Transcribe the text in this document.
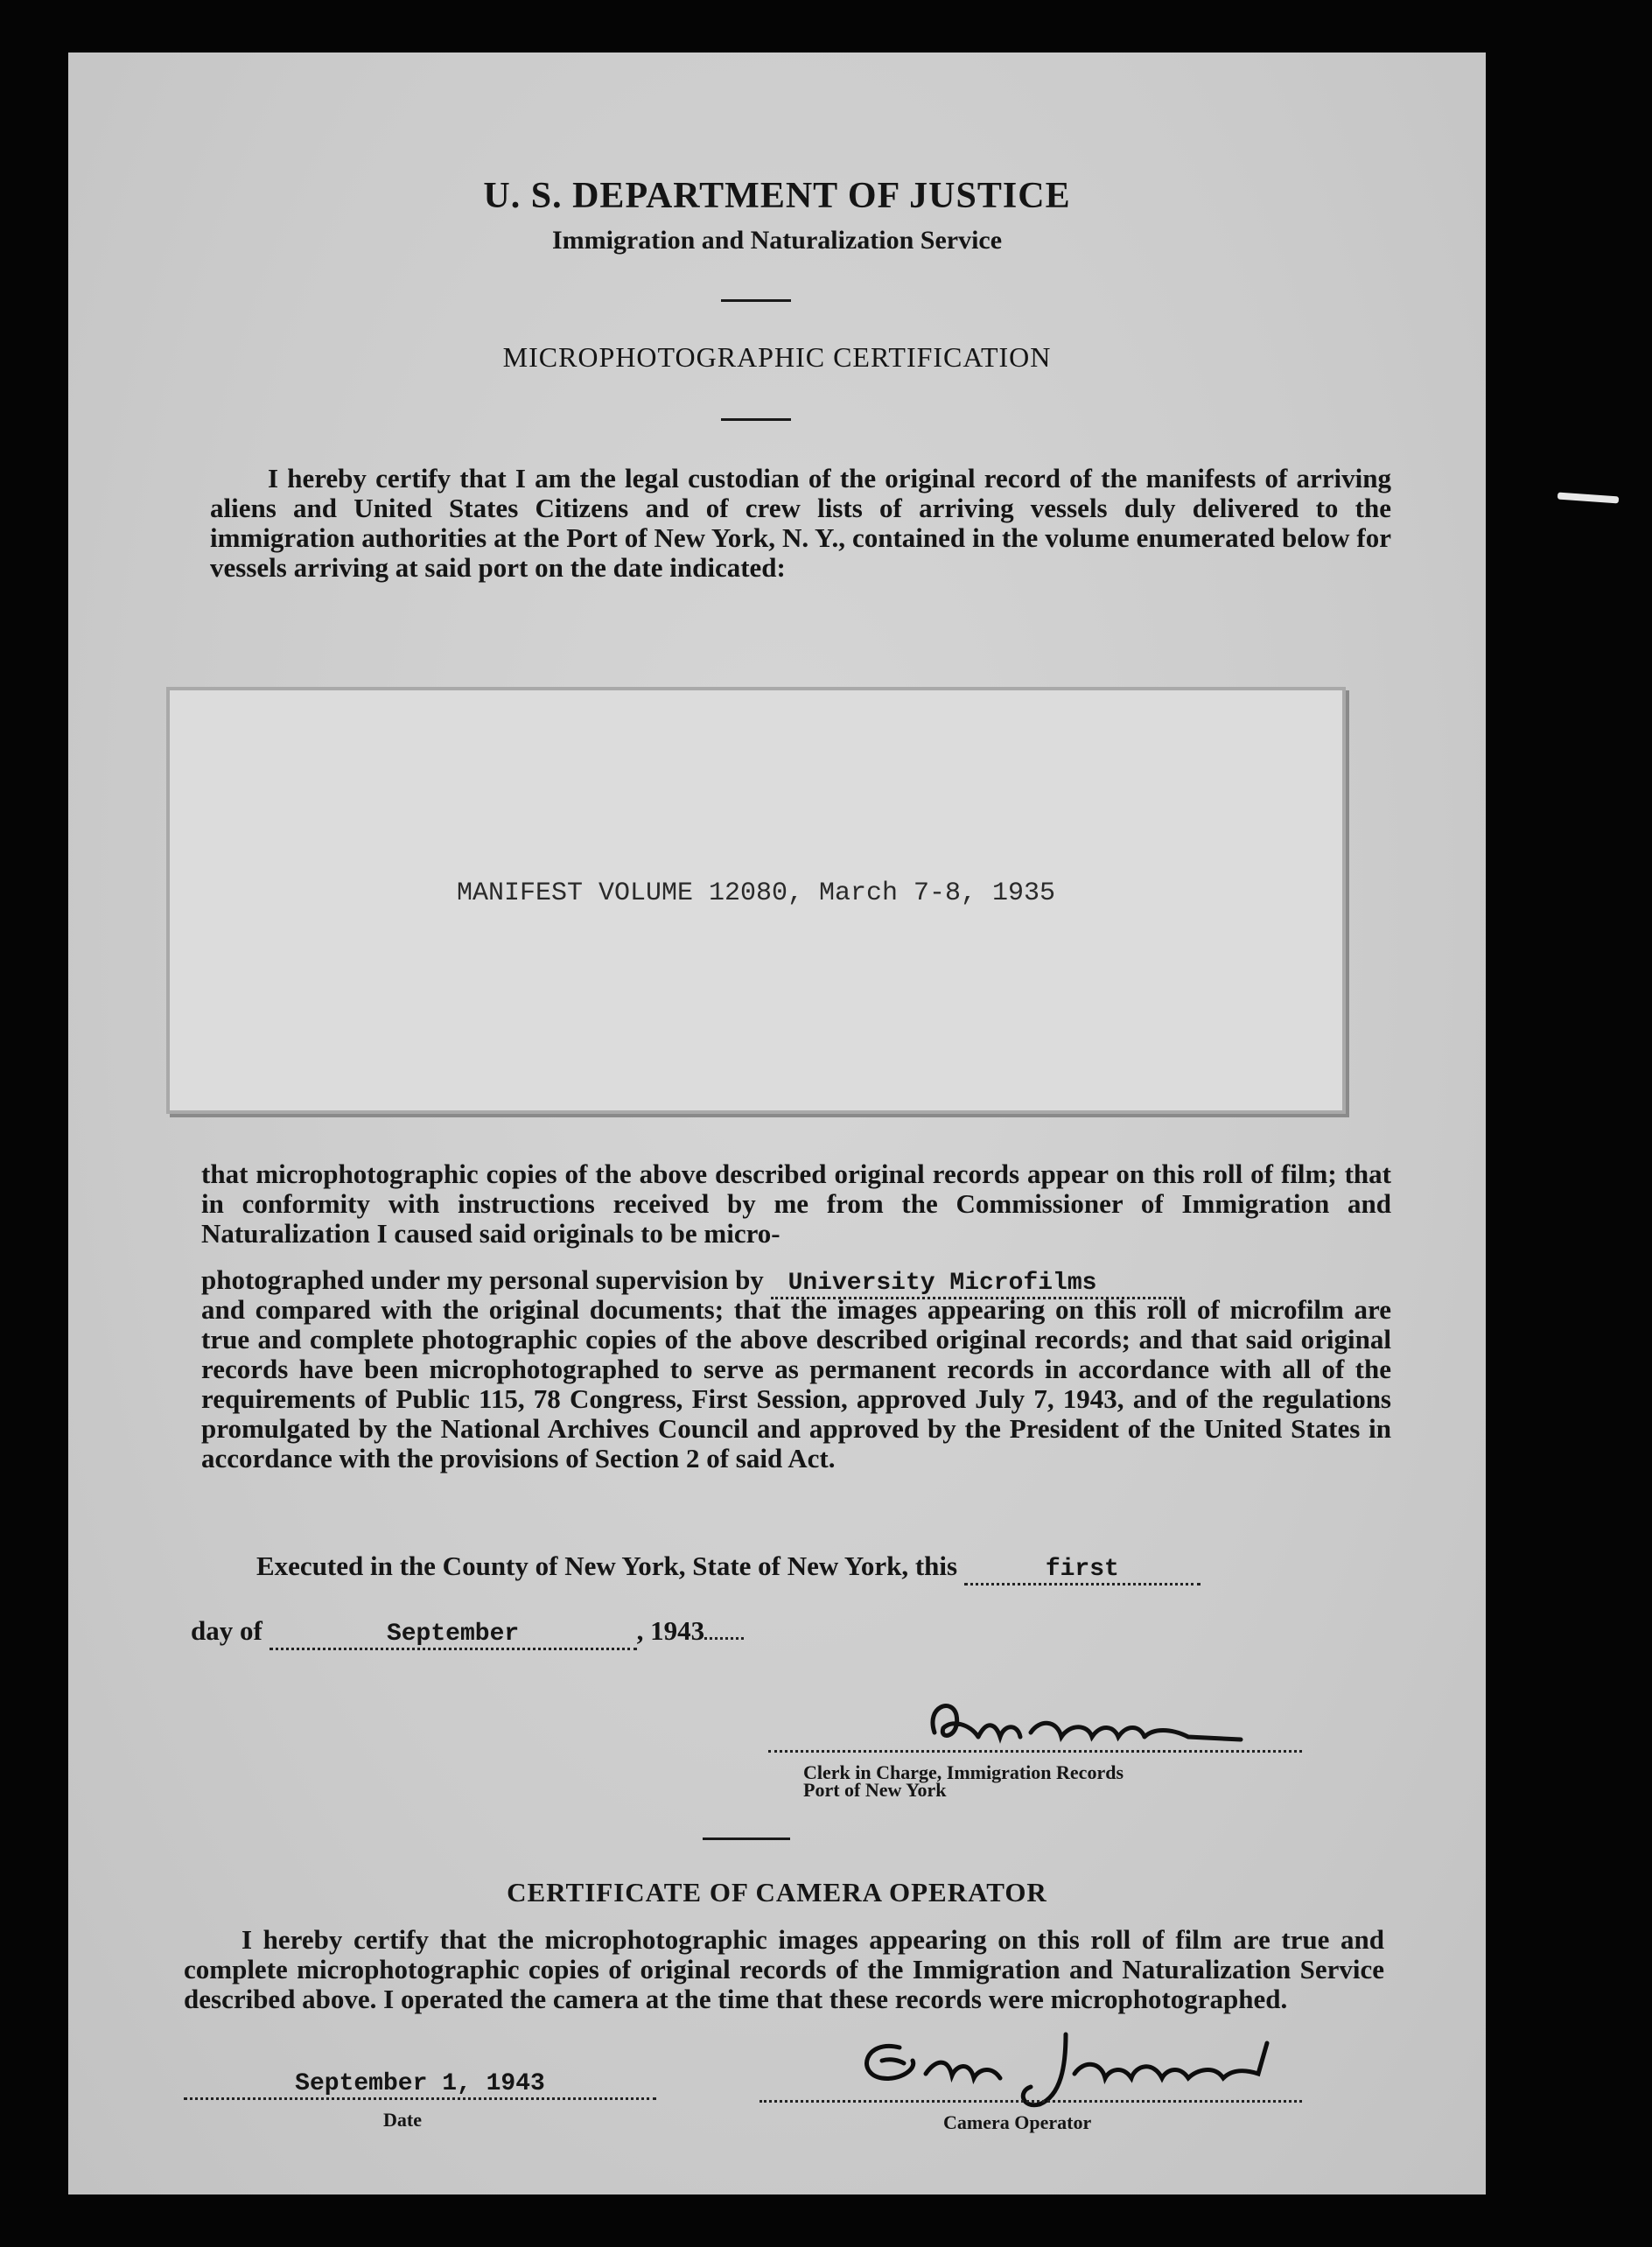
U. S. DEPARTMENT OF JUSTICE
Immigration and Naturalization Service
MICROPHOTOGRAPHIC CERTIFICATION
I hereby certify that I am the legal custodian of the original record of the manifests of arriving aliens and United States Citizens and of crew lists of arriving vessels duly delivered to the immigration authorities at the Port of New York, N. Y., contained in the volume enumerated below for vessels arriving at said port on the date indicated:
MANIFEST VOLUME 12080, March 7-8, 1935
that microphotographic copies of the above described original records appear on this roll of film; that in conformity with instructions received by me from the Commissioner of Immigration and Naturalization I caused said originals to be micro-
photographed under my personal supervision by University Microfilms
and compared with the original documents; that the images appearing on this roll of microfilm are true and complete photographic copies of the above described original records; and that said original records have been microphotographed to serve as permanent records in accordance with all of the requirements of Public 115, 78 Congress, First Session, approved July 7, 1943, and of the regulations promulgated by the National Archives Council and approved by the President of the United States in accordance with the provisions of Section 2 of said Act.
Executed in the County of New York, State of New York, this	first
day of	September	, 1943
Clerk in Charge, Immigration Records
Port of New York
CERTIFICATE OF CAMERA OPERATOR
I hereby certify that the microphotographic images appearing on this roll of film are true and complete microphotographic copies of original records of the Immigration and Naturalization Service described above. I operated the camera at the time that these records were microphotographed.
September 1, 1943
Date	Camera Operator
